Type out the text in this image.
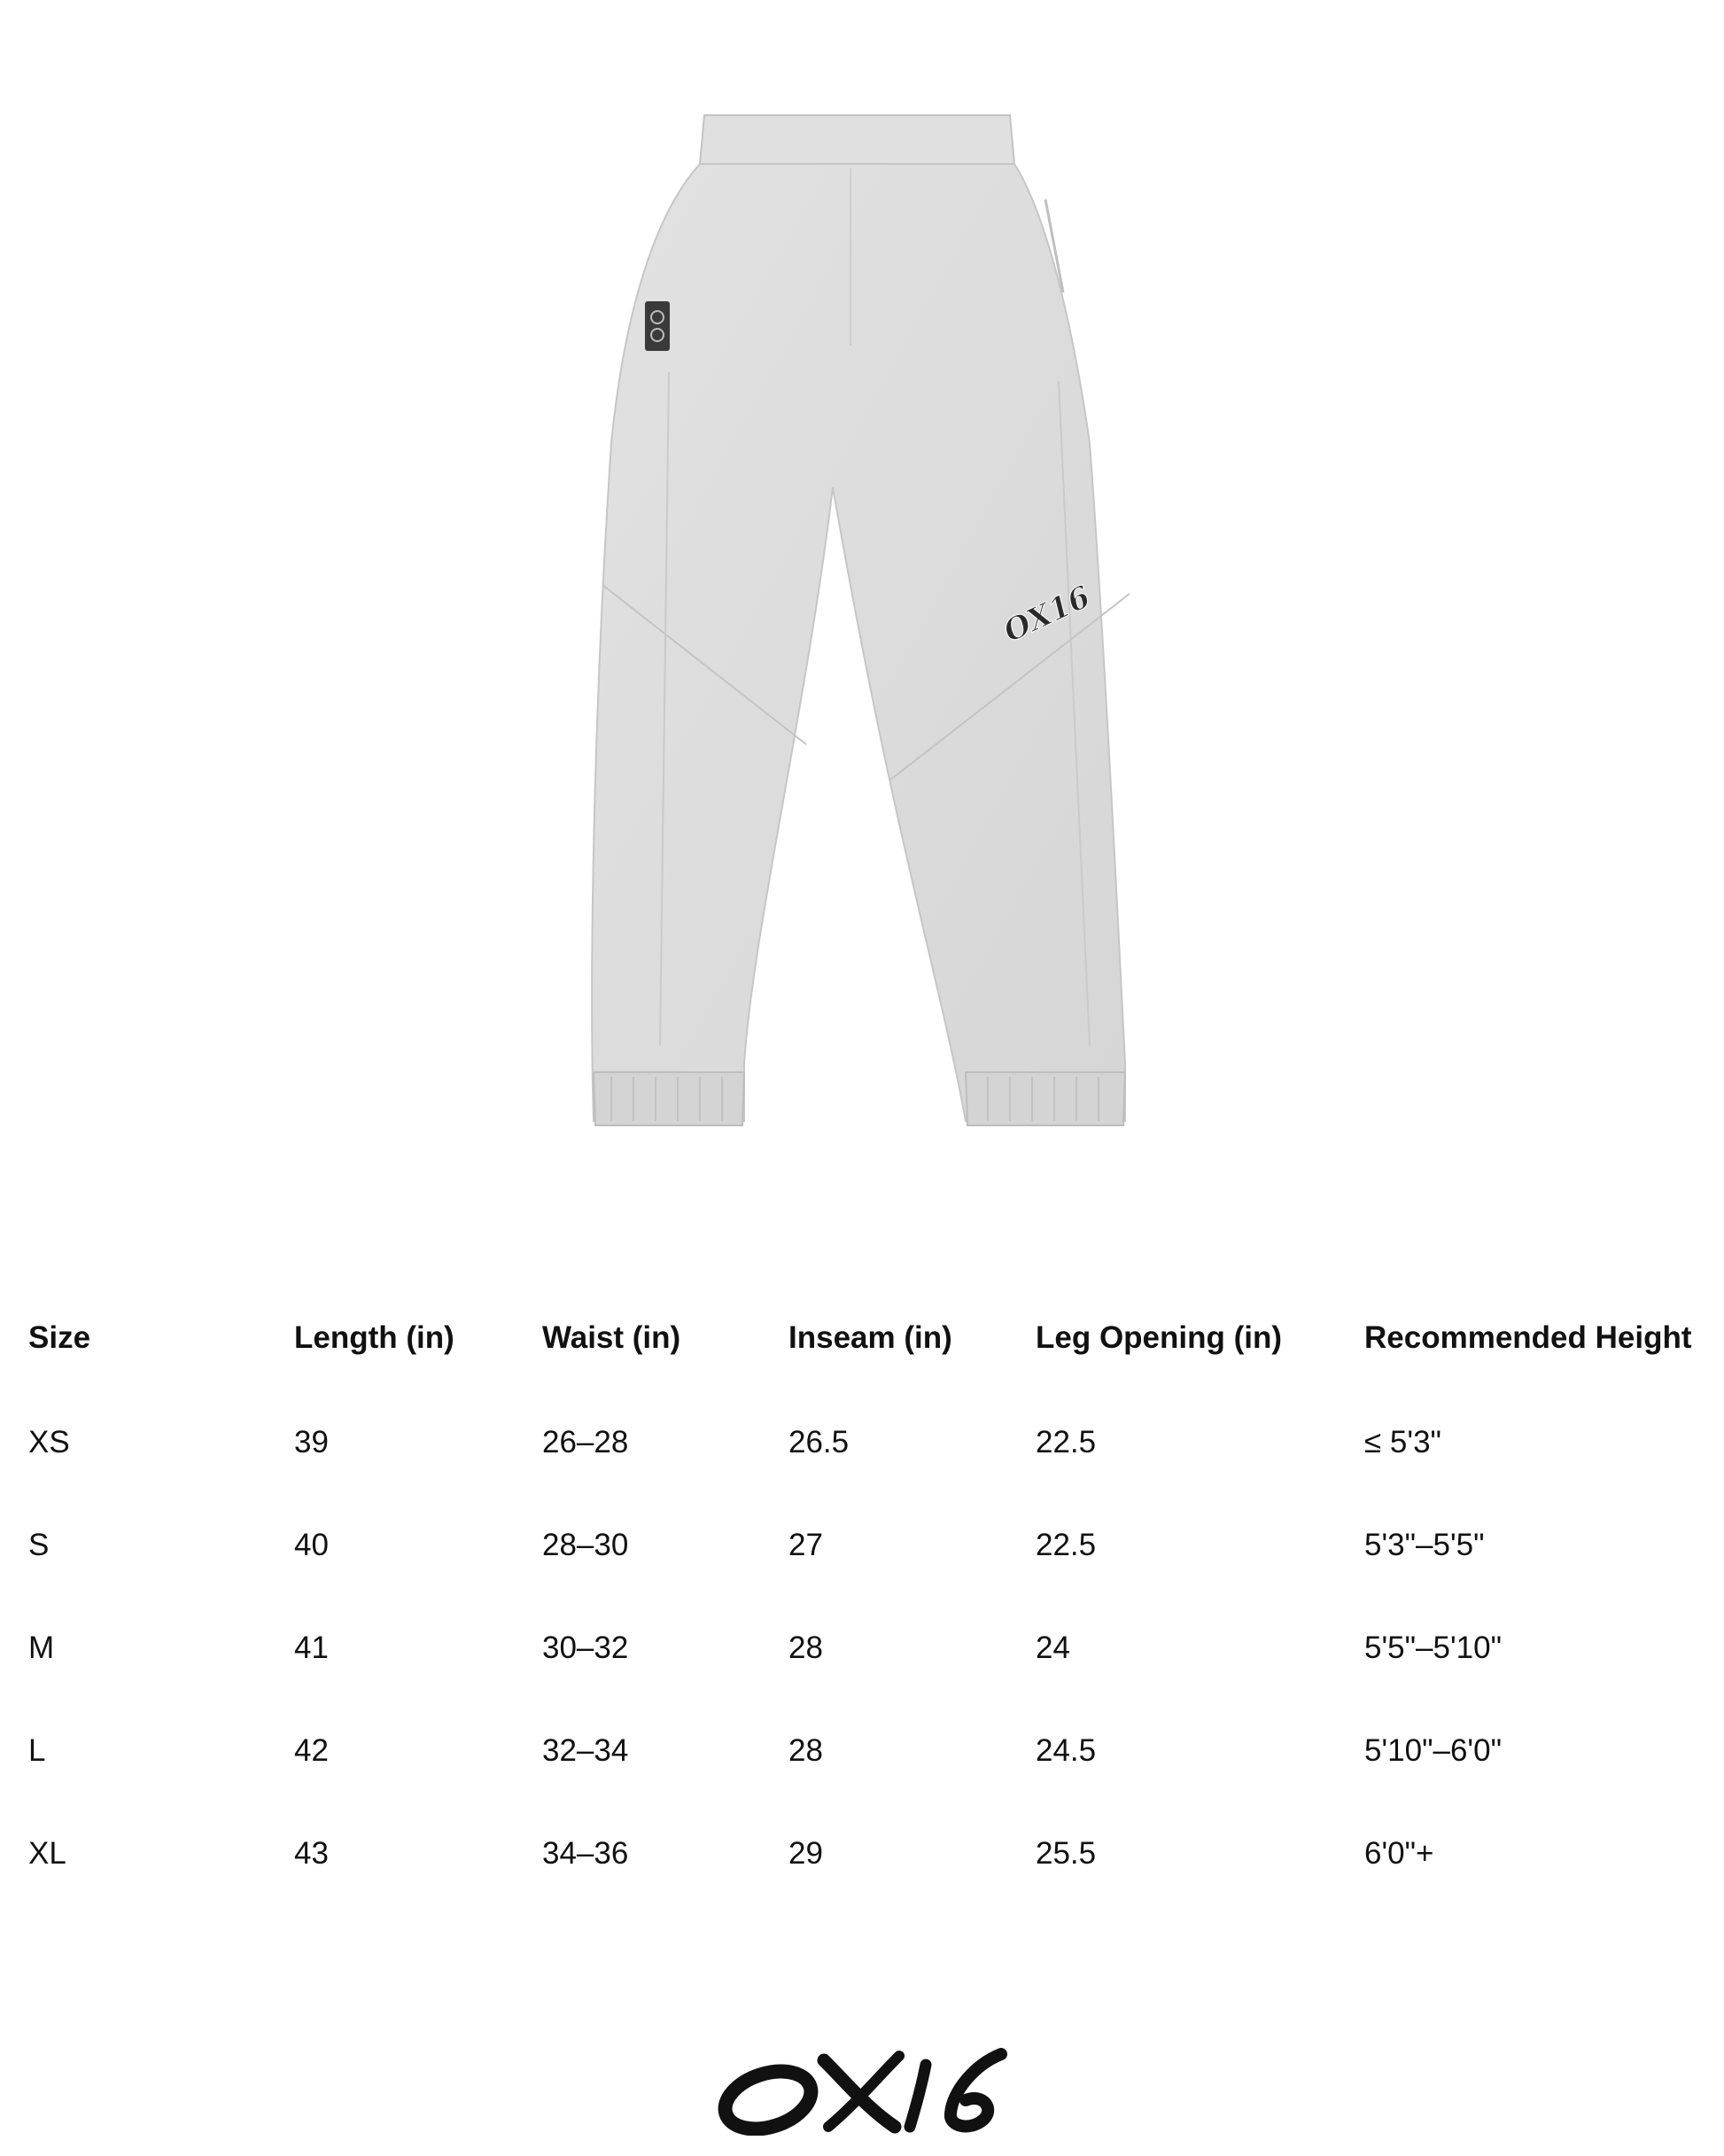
OX16
Size	Length (in)	Waist (in)	Inseam (in)	Leg Opening (in)	Recommended Height
XS	39	26–28	26.5	22.5	≤ 5'3"
S	40	28–30	27	22.5	5'3"–5'5"
M	41	30–32	28	24	5'5"–5'10"
L	42	32–34	28	24.5	5'10"–6'0"
XL	43	34–36	29	25.5	6'0"+
